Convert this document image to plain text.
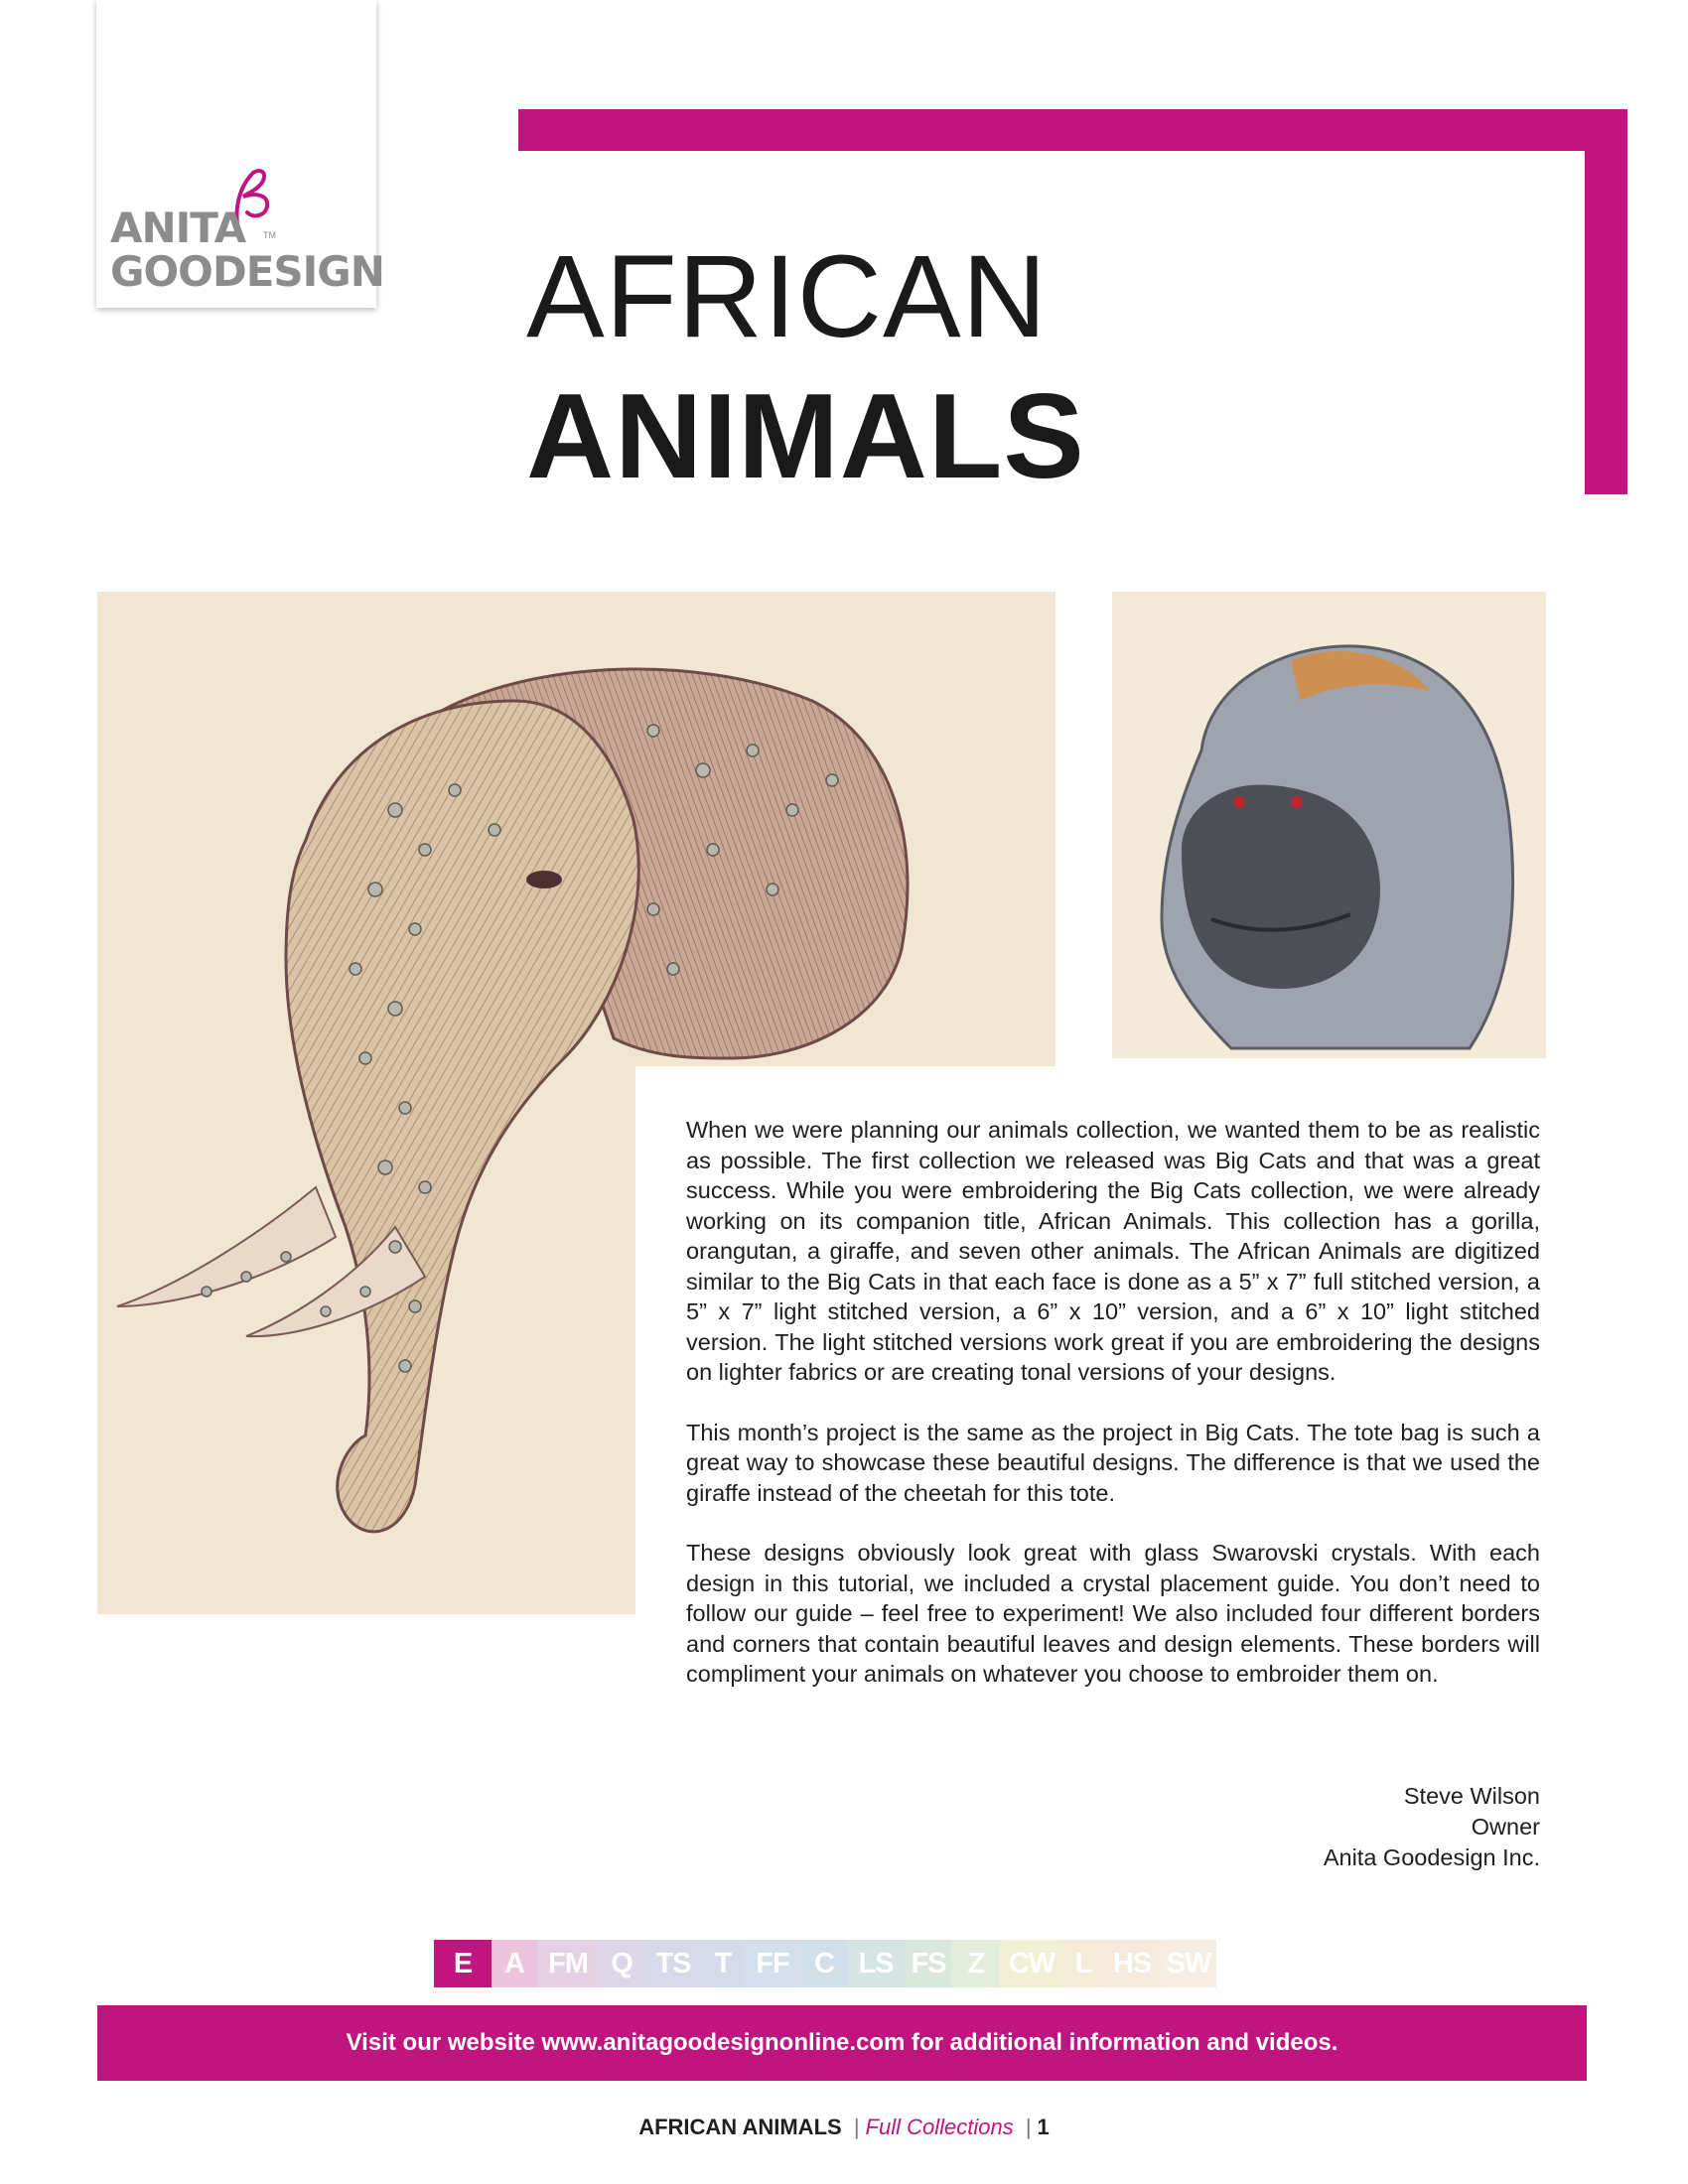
ANITA
GOODESIGN
TM AFRICAN
ANIMALS

When we were planning our animals collection, we wanted them to be as realistic as possible. The first collection we released was Big Cats and that was a great success. While you were embroidering the Big Cats collection, we were already working on its companion title, African Animals. This collection has a gorilla, orangutan, a giraffe, and seven other animals. The African Animals are digitized similar to the Big Cats in that each face is done as a 5” x 7” full stitched version, a 5” x 7” light stitched version, a 6” x 10” version, and a 6” x 10” light stitched version. The light stitched versions work great if you are embroidering the designs on lighter fabrics or are creating tonal versions of your designs.

This month’s project is the same as the project in Big Cats. The tote bag is such a great way to showcase these beautiful designs. The difference is that we used the giraffe instead of the cheetah for this tote.

These designs obviously look great with glass Swarovski crystals. With each design in this tutorial, we included a crystal placement guide. You don’t need to follow our guide – feel free to experiment! We also included four different borders and corners that contain beautiful leaves and design elements. These borders will compliment your animals on whatever you choose to embroider them on.

Steve Wilson
Owner
Anita Goodesign Inc.
E	A FM Q TS T FF C LS FS Z CW L HS SW
Visit our website www.anitagoodesignonline.com for additional information and videos.
AFRICAN ANIMALS | Full Collections | 1
